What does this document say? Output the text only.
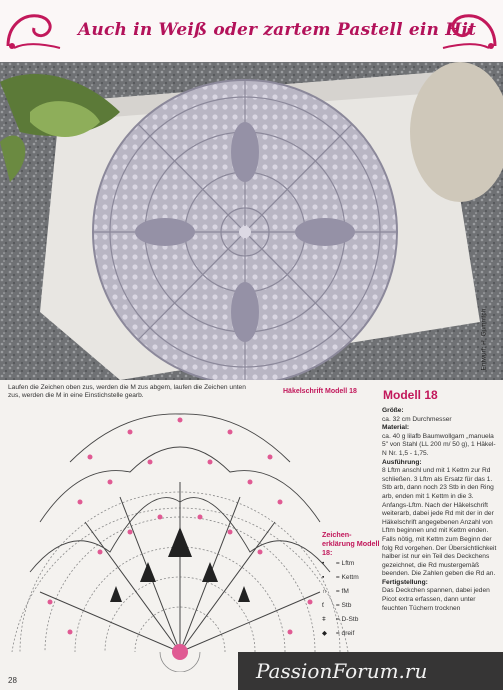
Auch in Weiß oder zartem Pastell ein Hit
Entwurf: H. Gummich
Laufen die Zeichen oben zus, werden die M zus abgem, laufen die Zeichen unten zus, werden die M in eine Einstichstelle gearb.
Häkelschrift Modell 18
Zeichen-erklärung Modell 18:
• = Lftm
▪ = Kettm
∩ = fM
ƭ = Stb
ǂ = D-Stb
◆ = dreif
Modell 18
Größe:
ca. 32 cm Durchmesser
Material:
ca. 40 g lilafb Baumwollgarn „manuela 5" von Stahl (LL 200 m/ 50 g), 1 Häkel-N Nr. 1,5 - 1,75.
Ausführung:
8 Lftm anschl und mit 1 Kettm zur Rd schließen. 3 Lftm als Ersatz für das 1. Stb arb, dann noch 23 Stb in den Ring arb, enden mit 1 Kettm in die 3. Anfangs-Lftm. Nach der Häkelschrift weiterarb, dabei jede Rd mit der in der Häkelschrift angegebenen Anzahl von Lftm beginnen und mit Kettm enden. Falls nötig, mit Kettm zum Beginn der folg Rd vorgehen. Der Übersichtlichkeit halber ist nur ein Teil des Deckchens gezeichnet, die Rd mustergemäß beenden. Die Zahlen geben die Rd an.
Fertigstellung:
Das Deckchen spannen, dabei jeden Picot extra erfassen, dann unter feuchten Tüchern trocknen
28	PassionForum.ru
